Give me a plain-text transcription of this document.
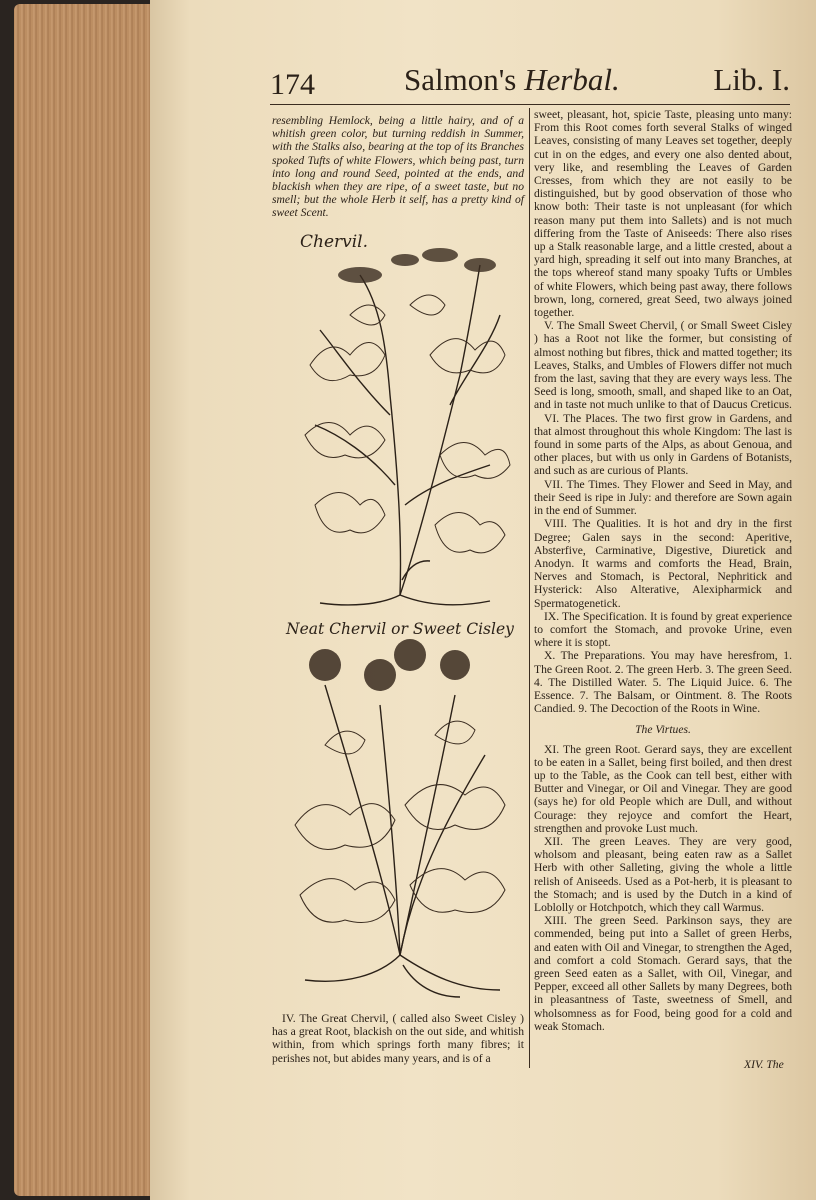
174	Salmon's Herbal.	Lib. I.

resembling Hemlock, being a little hairy, and of a whitish green color, but turning reddish in Summer, with the Stalks also, bearing at the top of its Branches spoked Tufts of white Flowers, which being past, turn into long and round Seed, pointed at the ends, and blackish when they are ripe, of a sweet taste, but no smell; but the whole Herb it self, has a pretty kind of sweet Scent.

Chervil.
Neat Chervil or Sweet Cisley

IV. The Great Chervil, ( called also Sweet Cisley ) has a great Root, blackish on the out side, and whitish within, from which springs forth many fibres; it perishes not, but abides many years, and is of a

sweet, pleasant, hot, spicie Taste, pleasing unto many: From this Root comes forth several Stalks of winged Leaves, consisting of many Leaves set together, deeply cut in on the edges, and every one also dented about, very like, and resembling the Leaves of Garden Cresses, from which they are not easily to be distinguished, but by good observation of those who know both: Their taste is not unpleasant (for which reason many put them into Sallets) and is not much differing from the Taste of Aniseeds: There also rises up a Stalk reasonable large, and a little crested, about a yard high, spreading it self out into many Branches, at the tops whereof stand many spoaky Tufts or Umbles of white Flowers, which being past away, there follows brown, long, cornered, great Seed, two always joined together.

V. The Small Sweet Chervil, ( or Small Sweet Cisley ) has a Root not like the former, but consisting of almost nothing but fibres, thick and matted together; its Leaves, Stalks, and Umbles of Flowers differ not much from the last, saving that they are every ways less. The Seed is long, smooth, small, and shaped like to an Oat, and in taste not much unlike to that of Daucus Creticus.

VI. The Places. The two first grow in Gardens, and that almost throughout this whole Kingdom: The last is found in some parts of the Alps, as about Genoua, and other places, but with us only in Gardens of Botanists, and such as are curious of Plants.

VII. The Times. They Flower and Seed in May, and their Seed is ripe in July: and therefore are Sown again in the end of Summer.

VIII. The Qualities. It is hot and dry in the first Degree; Galen says in the second: Aperitive, Absterfive, Carminative, Digestive, Diuretick and Anodyn. It warms and comforts the Head, Brain, Nerves and Stomach, is Pectoral, Nephritick and Hysterick: Also Alterative, Alexipharmick and Spermatogenetick.

IX. The Specification. It is found by great experience to comfort the Stomach, and provoke Urine, even where it is stopt.

X. The Preparations. You may have heresfrom, 1. The Green Root. 2. The green Herb. 3. The green Seed. 4. The Distilled Water. 5. The Liquid Juice. 6. The Essence. 7. The Balsam, or Ointment. 8. The Roots Candied. 9. The Decoction of the Roots in Wine.

The Virtues.

XI. The green Root. Gerard says, they are excellent to be eaten in a Sallet, being first boiled, and then drest up to the Table, as the Cook can tell best, either with Butter and Vinegar, or Oil and Vinegar. They are good (says he) for old People which are Dull, and without Courage: they rejoyce and comfort the Heart, strengthen and provoke Lust much.

XII. The green Leaves. They are very good, wholsom and pleasant, being eaten raw as a Sallet Herb with other Salleting, giving the whole a little relish of Aniseeds. Used as a Pot-herb, it is pleasant to the Stomach; and is used by the Dutch in a kind of Loblolly or Hotchpotch, which they call Warmus.

XIII. The green Seed. Parkinson says, they are commended, being put into a Sallet of green Herbs, and eaten with Oil and Vinegar, to strengthen the Aged, and comfort a cold Stomach. Gerard says, that the green Seed eaten as a Sallet, with Oil, Vinegar, and Pepper, exceed all other Sallets by many Degrees, both in pleasantness of Taste, sweetness of Smell, and wholsomness as for Food, being good for a cold and weak Stomach.

XIV. The
